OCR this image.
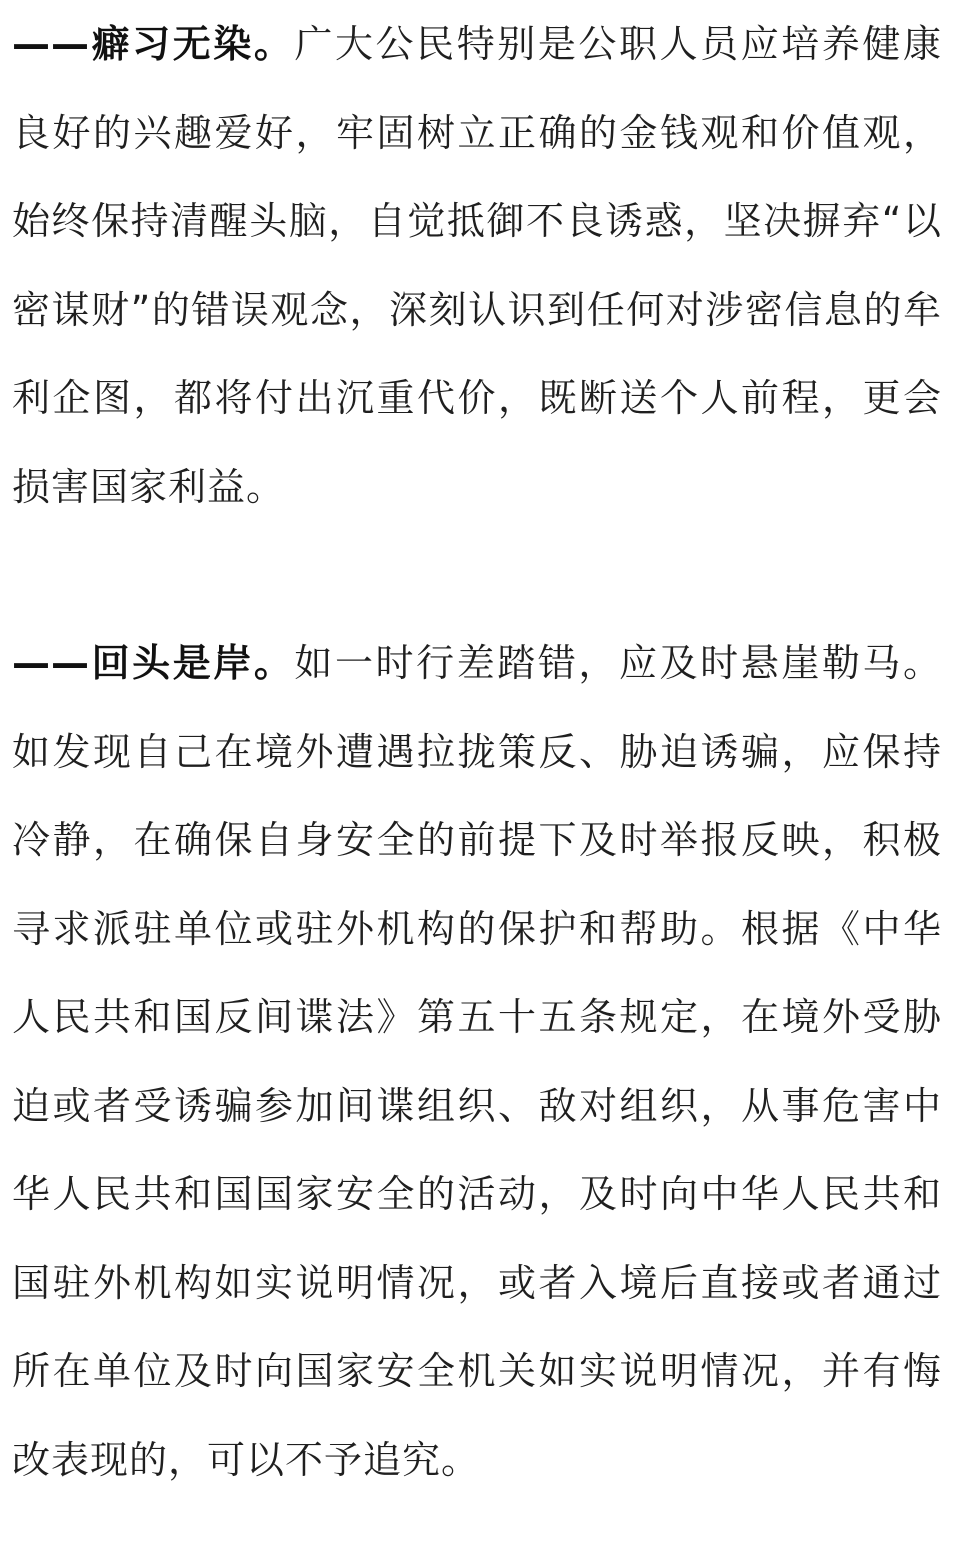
——癖习无染。广大公民特别是公职人员应培养健康良好的兴趣爱好，牢固树立正确的金钱观和价值观，始终保持清醒头脑，自觉抵御不良诱惑，坚决摒弃“以密谋财”的错误观念，深刻认识到任何对涉密信息的牟利企图，都将付出沉重代价，既断送个人前程，更会损害国家利益。

——回头是岸。如一时行差踏错，应及时悬崖勒马。如发现自己在境外遭遇拉拢策反、胁迫诱骗，应保持冷静，在确保自身安全的前提下及时举报反映，积极寻求派驻单位或驻外机构的保护和帮助。根据《中华人民共和国反间谍法》第五十五条规定，在境外受胁迫或者受诱骗参加间谍组织、敌对组织，从事危害中华人民共和国国家安全的活动，及时向中华人民共和国驻外机构如实说明情况，或者入境后直接或者通过所在单位及时向国家安全机关如实说明情况，并有悔改表现的，可以不予追究。
